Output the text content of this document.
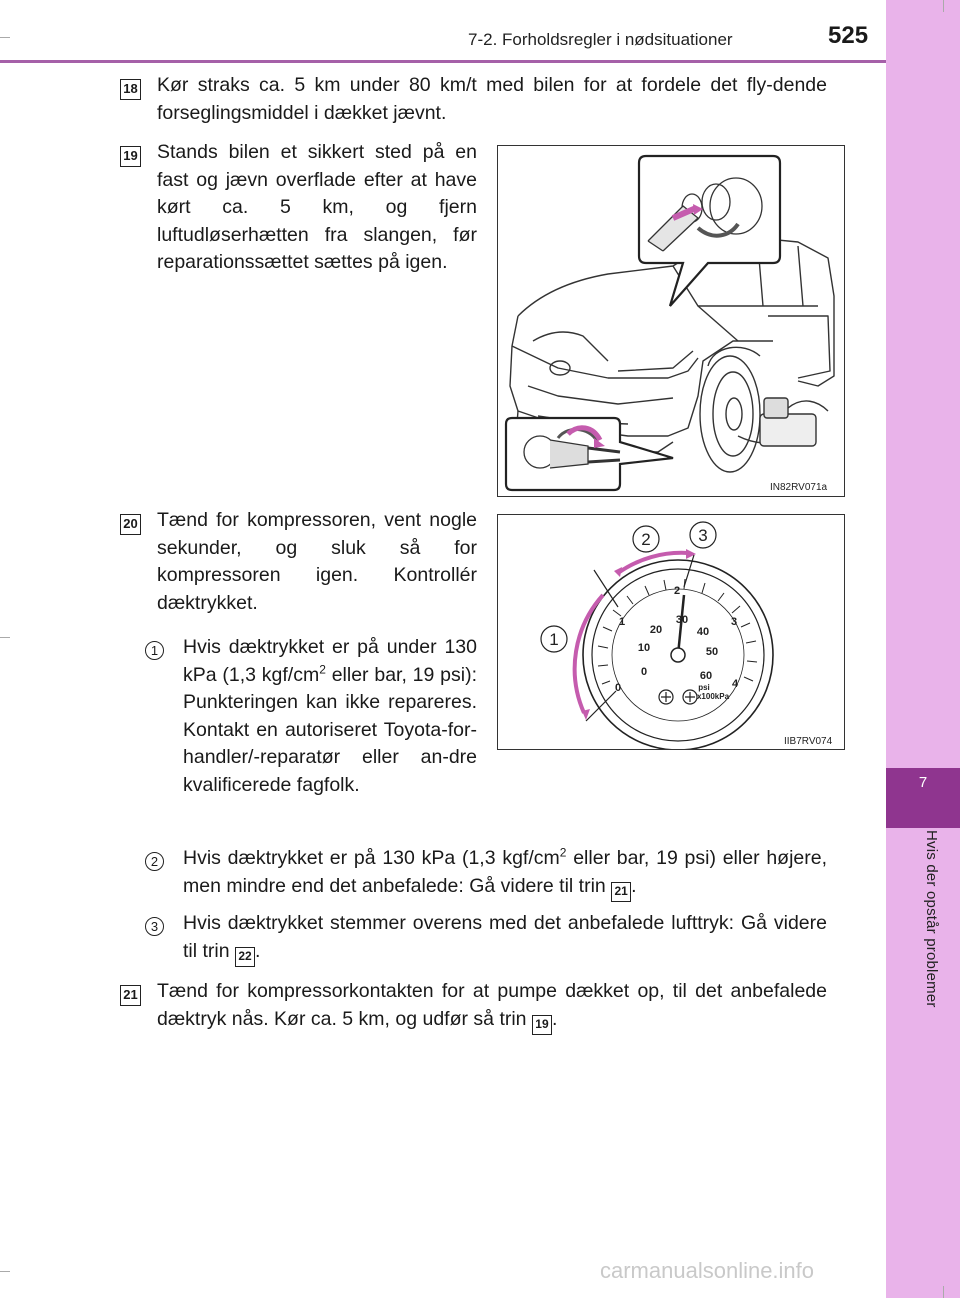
7
Hvis der opstår problemer
7-2. Forholdsregler i nødsituationer	525
18 Kør straks ca. 5 km under 80 km/t med bilen for at fordele det fly-dende forseglingsmiddel i dækket jævnt.
19 Stands bilen et sikkert sted på en fast og jævn overflade efter at have kørt ca. 5 km, og fjern luftudløserhætten fra slangen, før reparationssættet sættes på igen.
IN82RV071a
20 Tænd for kompressoren, vent nogle sekunder, og sluk så for kompressoren igen. Kontrollér dæktrykket.
1
2	3
0
1
2
3
4
0
10
20
30
40
50
60
psi
x100kPa
IIB7RV074
1	Hvis dæktrykket er på under 130 kPa (1,3 kgf/$cm^2$ eller bar, 19 psi): Punkteringen kan ikke repareres. Kontakt en autoriseret Toyota-for-handler/-reparatør eller an-dre kvalificerede fagfolk.
2	Hvis dæktrykket er på 130 kPa (1,3 kgf/$cm^2$ eller bar, 19 psi) eller højere, men mindre end det anbefalede: Gå videre til trin 21 .
3	Hvis dæktrykket stemmer overens med det anbefalede lufttryk: Gå videre til trin 22 .
21 Tænd for kompressorkontakten for at pumpe dækket op, til det anbefalede dæktryk nås. Kør ca. 5 km, og udfør så trin 19 .
carmanualsonline.info
